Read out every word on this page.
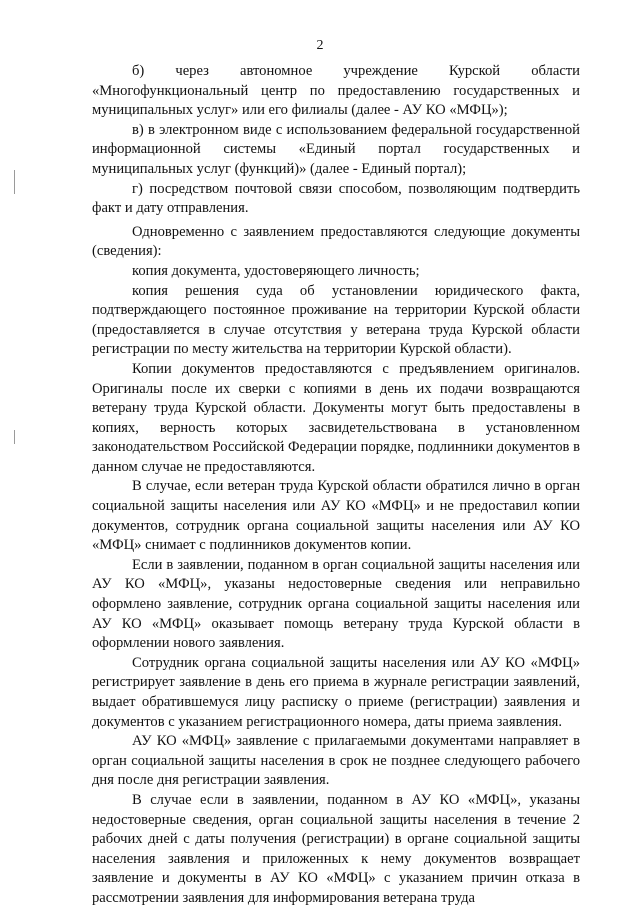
2

б) через автономное учреждение Курской области «Многофункциональный центр по предоставлению государственных и муниципальных услуг» или его филиалы (далее - АУ КО «МФЦ»);

в) в электронном виде с использованием федеральной государственной информационной системы «Единый портал государственных и муниципальных услуг (функций)» (далее - Единый портал);

г) посредством почтовой связи способом, позволяющим подтвердить факт и дату отправления.

Одновременно с заявлением предоставляются следующие документы (сведения):

копия документа, удостоверяющего личность;

копия решения суда об установлении юридического факта, подтверждающего постоянное проживание на территории Курской области (предоставляется в случае отсутствия у ветерана труда Курской области регистрации по месту жительства на территории Курской области).

Копии документов предоставляются с предъявлением оригиналов. Оригиналы после их сверки с копиями в день их подачи возвращаются ветерану труда Курской области. Документы могут быть предоставлены в копиях, верность которых засвидетельствована в установленном законодательством Российской Федерации порядке, подлинники документов в данном случае не предоставляются.

В случае, если ветеран труда Курской области обратился лично в орган социальной защиты населения или АУ КО «МФЦ» и не предоставил копии документов, сотрудник органа социальной защиты населения или АУ КО «МФЦ» снимает с подлинников документов копии.

Если в заявлении, поданном в орган социальной защиты населения или АУ КО «МФЦ», указаны недостоверные сведения или неправильно оформлено заявление, сотрудник органа социальной защиты населения или АУ КО «МФЦ» оказывает помощь ветерану труда Курской области в оформлении нового заявления.

Сотрудник органа социальной защиты населения или АУ КО «МФЦ» регистрирует заявление в день его приема в журнале регистрации заявлений, выдает обратившемуся лицу расписку о приеме (регистрации) заявления и документов с указанием регистрационного номера, даты приема заявления.

АУ КО «МФЦ» заявление с прилагаемыми документами направляет в орган социальной защиты населения в срок не позднее следующего рабочего дня после дня регистрации заявления.

В случае если в заявлении, поданном в АУ КО «МФЦ», указаны недостоверные сведения, орган социальной защиты населения в течение 2 рабочих дней с даты получения (регистрации) в органе социальной защиты населения заявления и приложенных к нему документов возвращает заявление и документы в АУ КО «МФЦ» с указанием причин отказа в рассмотрении заявления для информирования ветерана труда
